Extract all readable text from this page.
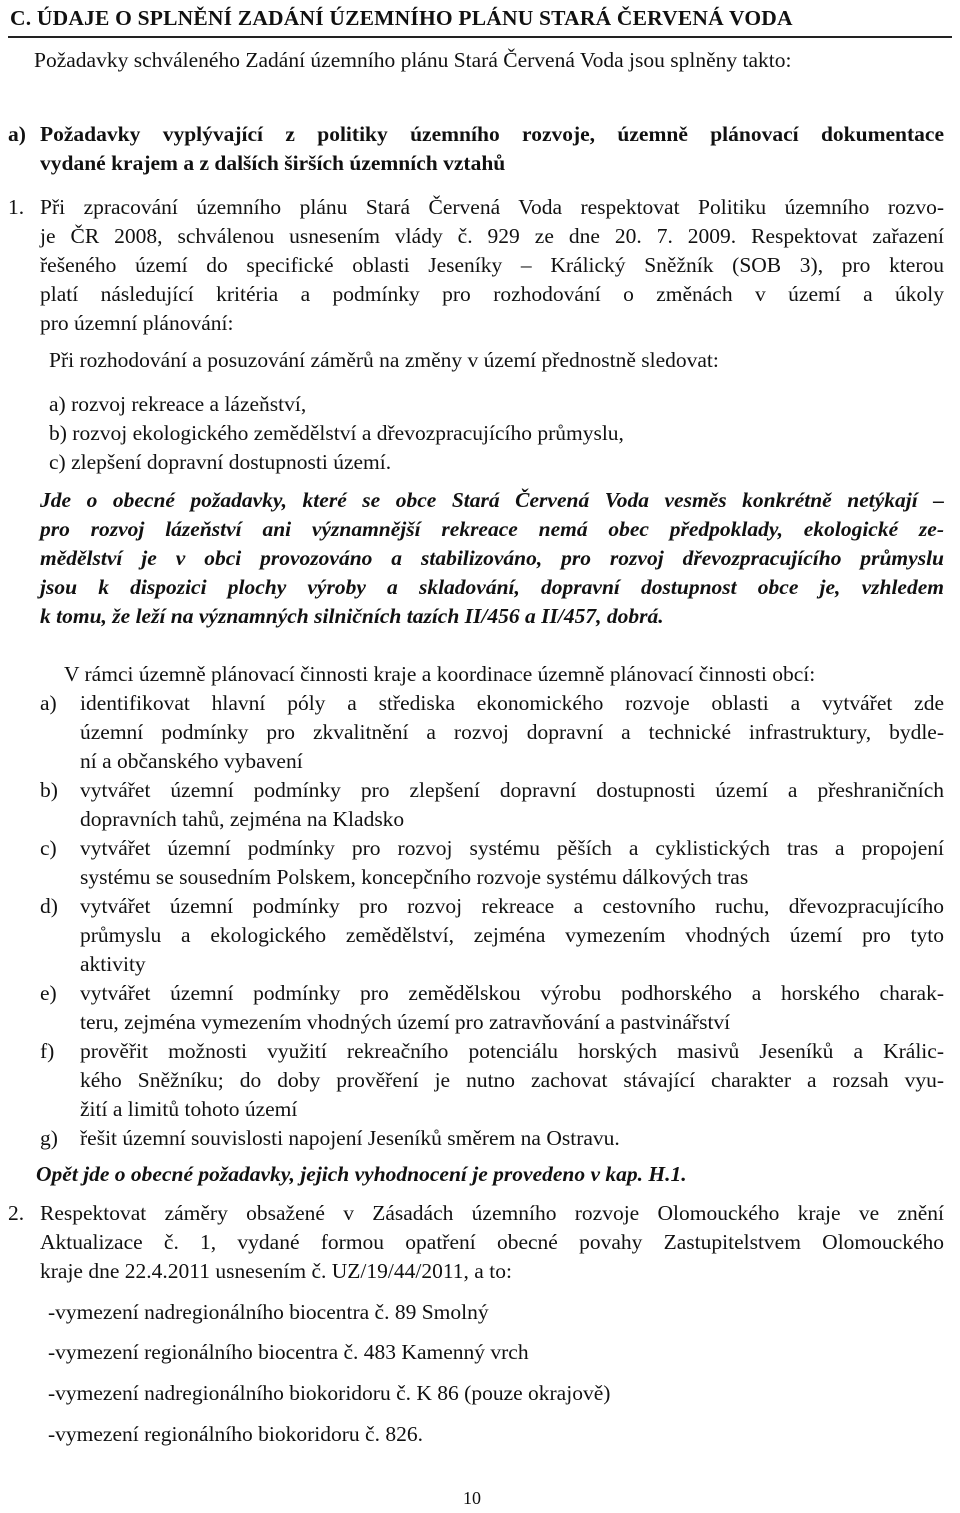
C. ÚDAJE O SPLNĚNÍ ZADÁNÍ ÚZEMNÍHO PLÁNU STARÁ ČERVENÁ VODA
Požadavky schváleného Zadání územního plánu Stará Červená Voda jsou splněny takto:
a) Požadavky vyplývající z politiky územního rozvoje, územně plánovací dokumentace
vydané krajem a z dalších širších územních vztahů
1. Při zpracování územního plánu Stará Červená Voda respektovat Politiku územního rozvo-
je ČR 2008, schválenou usnesením vlády č. 929 ze dne 20. 7. 2009. Respektovat zařazení
řešeného území do specifické oblasti Jeseníky – Králický Sněžník (SOB 3), pro kterou
platí následující kritéria a podmínky pro rozhodování o změnách v území a úkoly
pro územní plánování:
Při rozhodování a posuzování záměrů na změny v území přednostně sledovat:
a) rozvoj rekreace a lázeňství,
b) rozvoj ekologického zemědělství a dřevozpracujícího průmyslu,
c) zlepšení dopravní dostupnosti území.
Jde o obecné požadavky, které se obce Stará Červená Voda vesměs konkrétně netýkají –
pro rozvoj lázeňství ani významnější rekreace nemá obec předpoklady, ekologické ze-
mědělství je v obci provozováno a stabilizováno, pro rozvoj dřevozpracujícího průmyslu
jsou k dispozici plochy výroby a skladování, dopravní dostupnost obce je, vzhledem
k tomu, že leží na významných silničních tazích II/456 a II/457, dobrá.
V rámci územně plánovací činnosti kraje a koordinace územně plánovací činnosti obcí:
a) identifikovat hlavní póly a střediska ekonomického rozvoje oblasti a vytvářet zde
územní podmínky pro zkvalitnění a rozvoj dopravní a technické infrastruktury, bydle-
ní a občanského vybavení
b) vytvářet územní podmínky pro zlepšení dopravní dostupnosti území a přeshraničních
dopravních tahů, zejména na Kladsko
c) vytvářet územní podmínky pro rozvoj systému pěších a cyklistických tras a propojení
systému se sousedním Polskem, koncepčního rozvoje systému dálkových tras
d) vytvářet územní podmínky pro rozvoj rekreace a cestovního ruchu, dřevozpracujícího
průmyslu a ekologického zemědělství, zejména vymezením vhodných území pro tyto
aktivity
e) vytvářet územní podmínky pro zemědělskou výrobu podhorského a horského charak-
teru, zejména vymezením vhodných území pro zatravňování a pastvinářství
f) prověřit možnosti využití rekreačního potenciálu horských masivů Jeseníků a Králic-
kého Sněžníku; do doby prověření je nutno zachovat stávající charakter a rozsah vyu-
žití a limitů tohoto území
g) řešit územní souvislosti napojení Jeseníků směrem na Ostravu.
Opět jde o obecné požadavky, jejich vyhodnocení je provedeno v kap. H.1.
2. Respektovat záměry obsažené v Zásadách územního rozvoje Olomouckého kraje ve znění
Aktualizace č. 1, vydané formou opatření obecné povahy Zastupitelstvem Olomouckého
kraje dne 22.4.2011 usnesením č. UZ/19/44/2011, a to:
-vymezení nadregionálního biocentra č. 89 Smolný
-vymezení regionálního biocentra č. 483 Kamenný vrch
-vymezení nadregionálního biokoridoru č. K 86 (pouze okrajově)
-vymezení regionálního biokoridoru č. 826.
10
